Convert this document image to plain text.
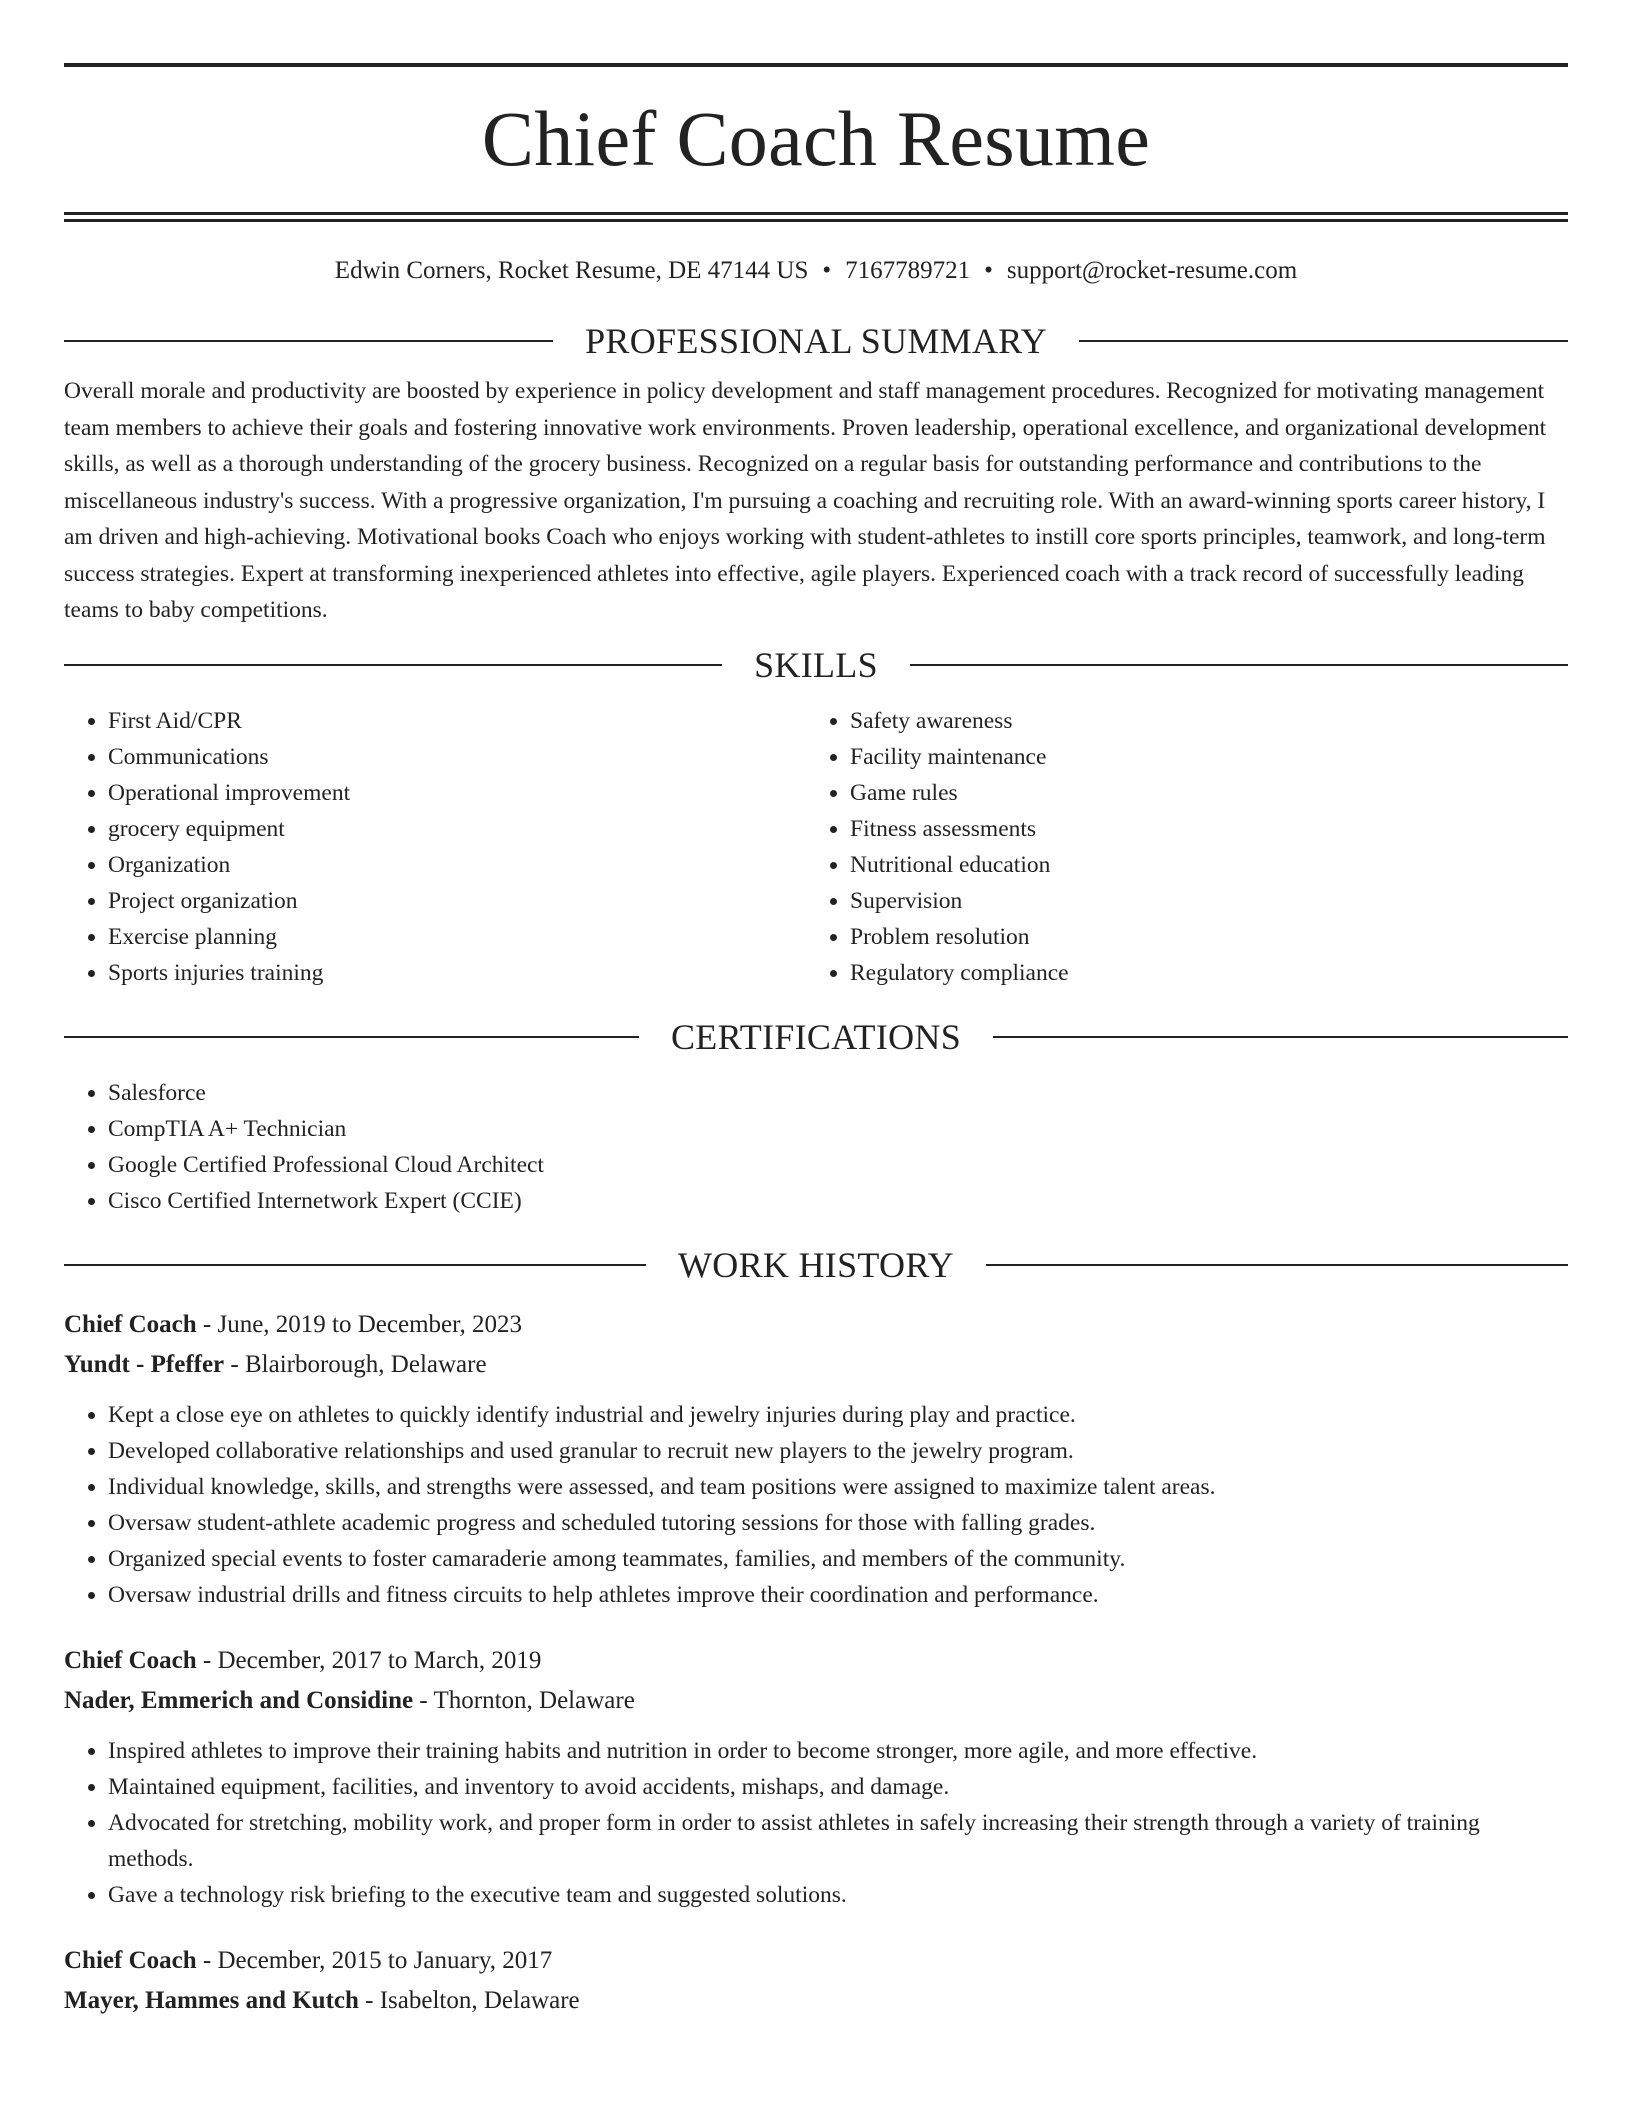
Chief Coach Resume
Edwin Corners, Rocket Resume, DE 47144 US • 7167789721 • support@rocket-resume.com
PROFESSIONAL SUMMARY
Overall morale and productivity are boosted by experience in policy development and staff management procedures. Recognized for motivating management team members to achieve their goals and fostering innovative work environments. Proven leadership, operational excellence, and organizational development skills, as well as a thorough understanding of the grocery business. Recognized on a regular basis for outstanding performance and contributions to the miscellaneous industry's success. With a progressive organization, I'm pursuing a coaching and recruiting role. With an award-winning sports career history, I am driven and high-achieving. Motivational books Coach who enjoys working with student-athletes to instill core sports principles, teamwork, and long-term success strategies. Expert at transforming inexperienced athletes into effective, agile players. Experienced coach with a track record of successfully leading teams to baby competitions.
SKILLS
• First Aid/CPR
• Communications
• Operational improvement
• grocery equipment
• Organization
• Project organization
• Exercise planning
• Sports injuries training
• Safety awareness
• Facility maintenance
• Game rules
• Fitness assessments
• Nutritional education
• Supervision
• Problem resolution
• Regulatory compliance
CERTIFICATIONS
• Salesforce
• CompTIA A+ Technician
• Google Certified Professional Cloud Architect
• Cisco Certified Internetwork Expert (CCIE)
WORK HISTORY
Chief Coach - June, 2019 to December, 2023
Yundt - Pfeffer - Blairborough, Delaware
• Kept a close eye on athletes to quickly identify industrial and jewelry injuries during play and practice.
• Developed collaborative relationships and used granular to recruit new players to the jewelry program.
• Individual knowledge, skills, and strengths were assessed, and team positions were assigned to maximize talent areas.
• Oversaw student-athlete academic progress and scheduled tutoring sessions for those with falling grades.
• Organized special events to foster camaraderie among teammates, families, and members of the community.
• Oversaw industrial drills and fitness circuits to help athletes improve their coordination and performance.
Chief Coach - December, 2017 to March, 2019
Nader, Emmerich and Considine - Thornton, Delaware
• Inspired athletes to improve their training habits and nutrition in order to become stronger, more agile, and more effective.
• Maintained equipment, facilities, and inventory to avoid accidents, mishaps, and damage.
• Advocated for stretching, mobility work, and proper form in order to assist athletes in safely increasing their strength through a variety of training methods.
• Gave a technology risk briefing to the executive team and suggested solutions.
Chief Coach - December, 2015 to January, 2017
Mayer, Hammes and Kutch - Isabelton, Delaware
